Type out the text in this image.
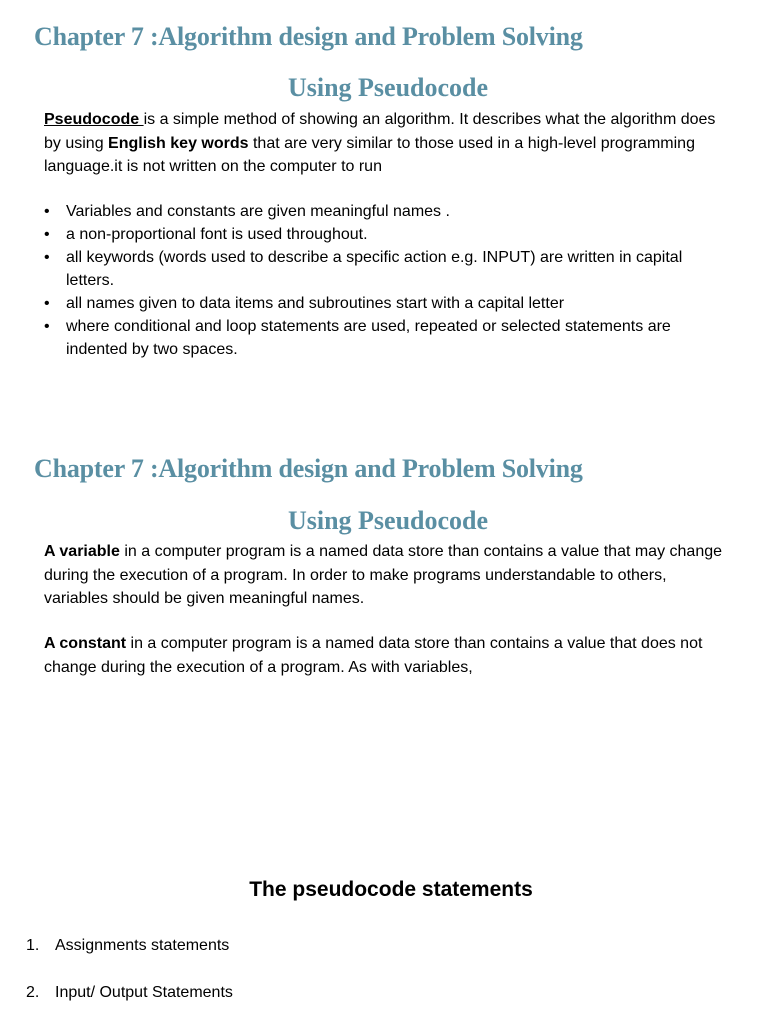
Chapter 7 :Algorithm design and Problem Solving
Using Pseudocode

Pseudocode is a simple method of showing an algorithm. It describes what the algorithm does by using English key words that are very similar to those used in a high-level programming language.it is not written on the computer to run

• Variables and constants are given meaningful names .
• a non-proportional font is used throughout.
• all keywords (words used to describe a specific action e.g. INPUT) are written in capital letters.
• all names given to data items and subroutines start with a capital letter
• where conditional and loop statements are used, repeated or selected statements are indented by two spaces.
Chapter 7 :Algorithm design and Problem Solving
Using Pseudocode

A variable in a computer program is a named data store than contains a value that may change during the execution of a program. In order to make programs understandable to others, variables should be given meaningful names.

A constant in a computer program is a named data store than contains a value that does not change during the execution of a program. As with variables,

The pseudocode statements

1. Assignments statements

2. Input/ Output Statements
